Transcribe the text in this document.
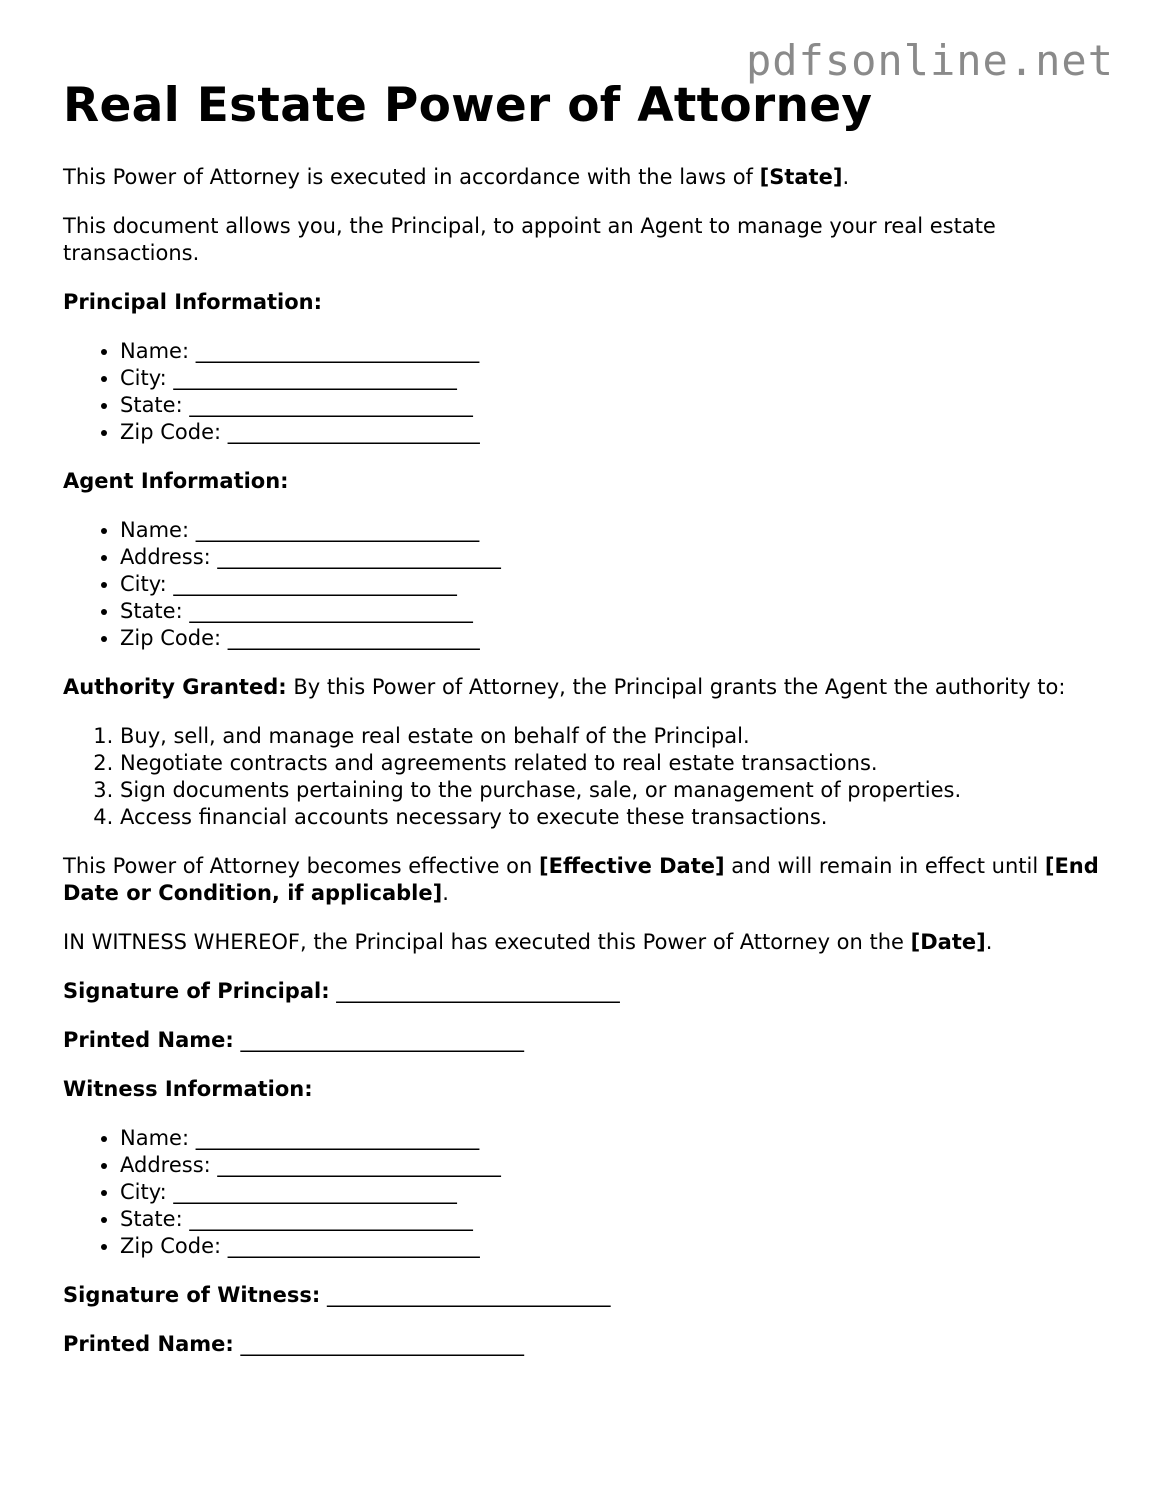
pdfsonline.net

Real Estate Power of Attorney

This Power of Attorney is executed in accordance with the laws of [State].

This document allows you, the Principal, to appoint an Agent to manage your real estate transactions.

Principal Information:
• Name: ___________________________
• City: ___________________________
• State: ___________________________
• Zip Code: ________________________
Agent Information:
• Name: ___________________________
• Address: ___________________________
• City: ___________________________
• State: ___________________________
• Zip Code: ________________________

Authority Granted: By this Power of Attorney, the Principal grants the Agent the authority to:

1. Buy, sell, and manage real estate on behalf of the Principal.
2. Negotiate contracts and agreements related to real estate transactions.
3. Sign documents pertaining to the purchase, sale, or management of properties.
4. Access financial accounts necessary to execute these transactions.

This Power of Attorney becomes effective on [Effective Date] and will remain in effect until [End Date or Condition, if applicable].

IN WITNESS WHEREOF, the Principal has executed this Power of Attorney on the [Date].

Signature of Principal: ___________________________

Printed Name: ___________________________

Witness Information:
• Name: ___________________________
• Address: ___________________________
• City: ___________________________
• State: ___________________________
• Zip Code: ________________________

Signature of Witness: ___________________________

Printed Name: ___________________________
